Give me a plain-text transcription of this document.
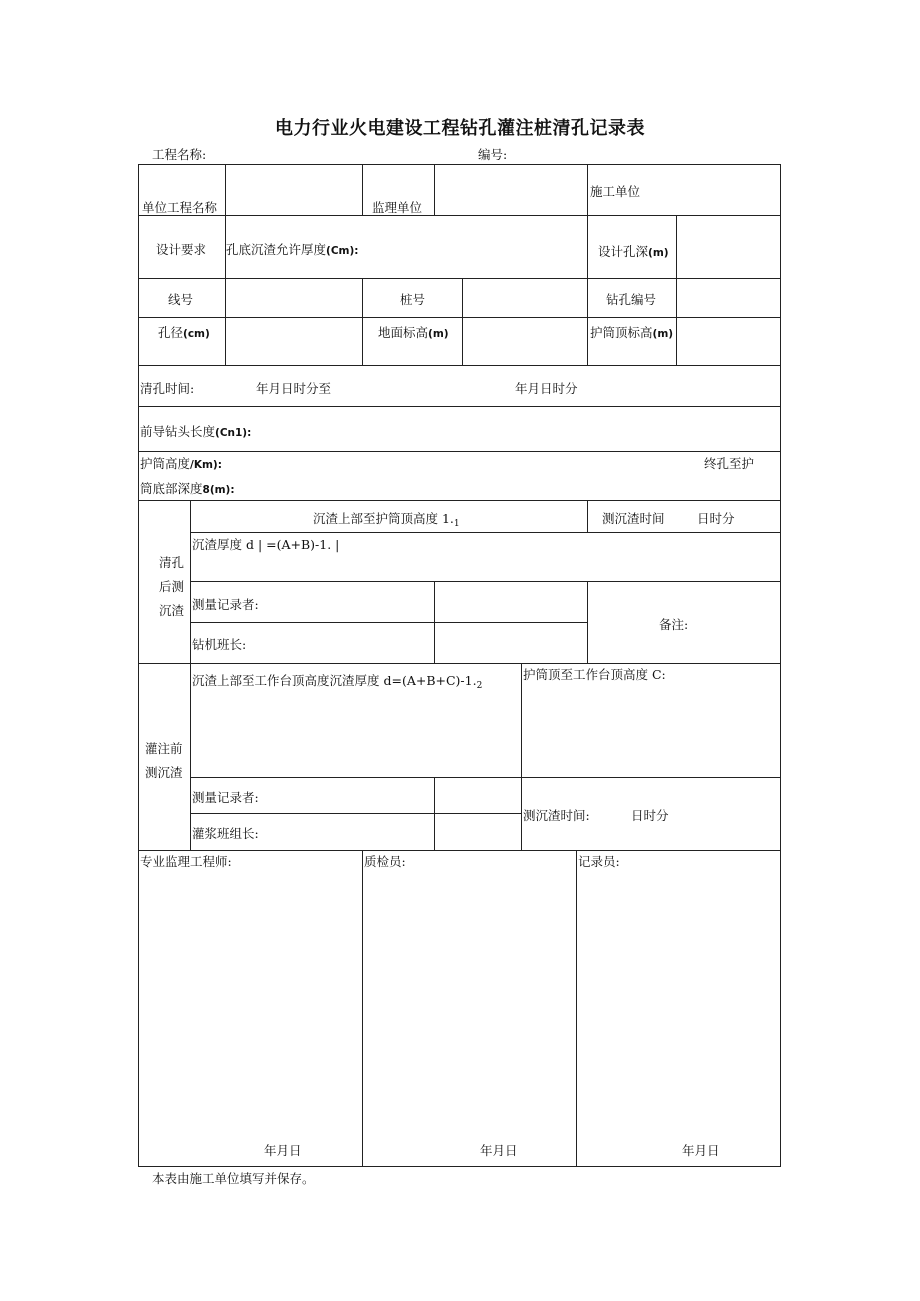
电力行业火电建设工程钻孔灌注桩清孔记录表
工程名称:	编号:
单位工程名称	监理单位
施工单位
设计要求 孔底沉渣允许厚度(Cm):	设计孔深(m)
线号	桩号	钻孔编号
孔径(cm)	地面标高(m)	护筒顶标高(m)
清孔时间:	年月日时分至	年月日时分
前导钻头长度(Cn1):
护筒高度/Km):	终孔至护
筒底部深度8(m):
清孔
后测
沉渣
沉渣上部至护筒顶高度 $1._1$	测沉渣时间	日时分
沉渣厚度 d | =(A+B)-1. |
测量记录者:
钻机班长:
备注:
灌注前
测沉渣
沉渣上部至工作台顶高度沉渣厚度 $d=(A+B+C)-1._2$
护筒顶至工作台顶高度 C:
测量记录者:
灌浆班组长:
测沉渣时间:	日时分
专业监理工程师:	质检员:	记录员:
年月日	年月日	年月日
本表由施工单位填写并保存。
